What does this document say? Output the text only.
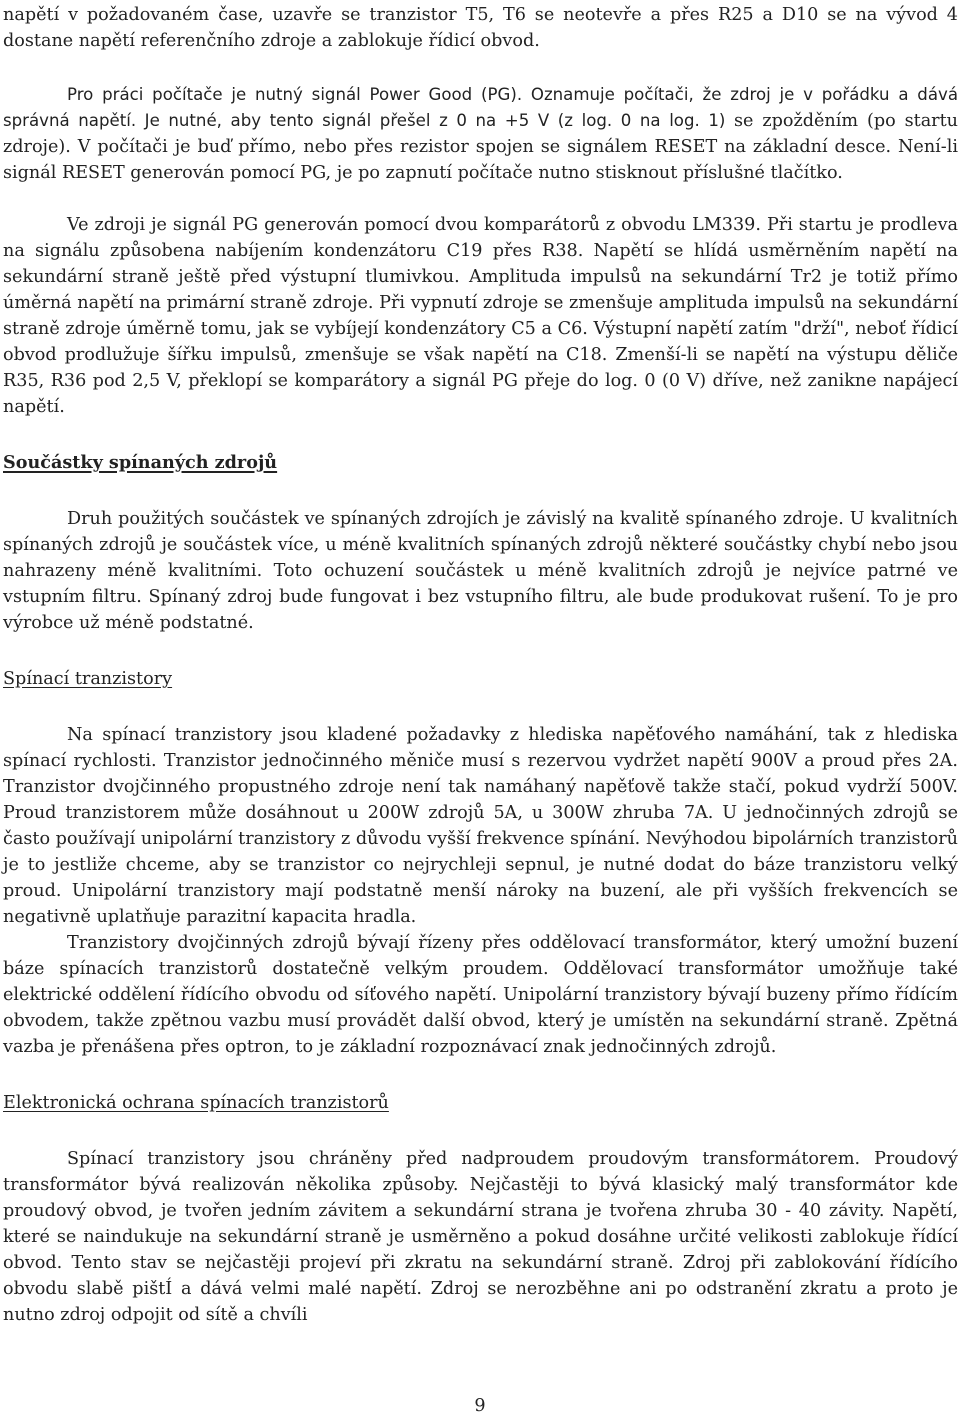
napětí v požadovaném čase, uzavře se tranzistor T5, T6 se neotevře a přes R25 a D10 se na vývod 4 dostane napětí referenčního zdroje a zablokuje řídicí obvod.

Pro práci počítače je nutný signál Power Good (PG). Oznamuje počítači, že zdroj je v pořádku a dává správná napětí. Je nutné, aby tento signál přešel z 0 na +5 V (z log. 0 na log. 1) se zpožděním (po startu zdroje). V počítači je buď přímo, nebo přes rezistor spojen se signálem RESET na základní desce. Není-li signál RESET generován pomocí PG, je po zapnutí počítače nutno stisknout příslušné tlačítko.

Ve zdroji je signál PG generován pomocí dvou komparátorů z obvodu LM339. Při startu je prodleva na signálu způsobena nabíjením kondenzátoru C19 přes R38. Napětí se hlídá usměrněním napětí na sekundární straně ještě před výstupní tlumivkou. Amplituda impulsů na sekundární Tr2 je totiž přímo úměrná napětí na primární straně zdroje. Při vypnutí zdroje se zmenšuje amplituda impulsů na sekundární straně zdroje úměrně tomu, jak se vybíjejí kondenzátory C5 a C6. Výstupní napětí zatím "drží", neboť řídicí obvod prodlužuje šířku impulsů, zmenšuje se však napětí na C18. Zmenší-li se napětí na výstupu děliče R35, R36 pod 2,5 V, překlopí se komparátory a signál PG přeje do log. 0 (0 V) dříve, než zanikne napájecí napětí.

Součástky spínaných zdrojů

Druh použitých součástek ve spínaných zdrojích je závislý na kvalitě spínaného zdroje. U kvalitních spínaných zdrojů je součástek více, u méně kvalitních spínaných zdrojů některé součástky chybí nebo jsou nahrazeny méně kvalitními. Toto ochuzení součástek u méně kvalitních zdrojů je nejvíce patrné ve vstupním filtru. Spínaný zdroj bude fungovat i bez vstupního filtru, ale bude produkovat rušení. To je pro výrobce už méně podstatné.

Spínací tranzistory

Na spínací tranzistory jsou kladené požadavky z hlediska napěťového namáhání, tak z hlediska spínací rychlosti. Tranzistor jednočinného měniče musí s rezervou vydržet napětí 900V a proud přes 2A. Tranzistor dvojčinného propustného zdroje není tak namáhaný napěťově takže stačí, pokud vydrží 500V. Proud tranzistorem může dosáhnout u 200W zdrojů 5A, u 300W zhruba 7A. U jednočinných zdrojů se často používají unipolární tranzistory z důvodu vyšší frekvence spínání. Nevýhodou bipolárních tranzistorů je to jestliže chceme, aby se tranzistor co nejrychleji sepnul, je nutné dodat do báze tranzistoru velký proud. Unipolární tranzistory mají podstatně menší nároky na buzení, ale při vyšších frekvencích se negativně uplatňuje parazitní kapacita hradla.

Tranzistory dvojčinných zdrojů bývají řízeny přes oddělovací transformátor, který umožní buzení báze spínacích tranzistorů dostatečně velkým proudem. Oddělovací transformátor umožňuje také elektrické oddělení řídícího obvodu od síťového napětí. Unipolární tranzistory bývají buzeny přímo řídícím obvodem, takže zpětnou vazbu musí provádět další obvod, který je umístěn na sekundární straně. Zpětná vazba je přenášena přes optron, to je základní rozpoznávací znak jednočinných zdrojů.

Elektronická ochrana spínacích tranzistorů

Spínací tranzistory jsou chráněny před nadproudem proudovým transformátorem. Proudový transformátor bývá realizován několika způsoby. Nejčastěji to bývá klasický malý transformátor kde proudový obvod, je tvořen jedním závitem a sekundární strana je tvořena zhruba 30 - 40 závity. Napětí, které se naindukuje na sekundární straně je usměrněno a pokud dosáhne určité velikosti zablokuje řídící obvod. Tento stav se nejčastěji projeví při zkratu na sekundární straně. Zdroj při zablokování řídícího obvodu slabě pištÍ a dává velmi malé napětí. Zdroj se nerozběhne ani po odstranění zkratu a proto je nutno zdroj odpojit od sítě a chvíli

9
